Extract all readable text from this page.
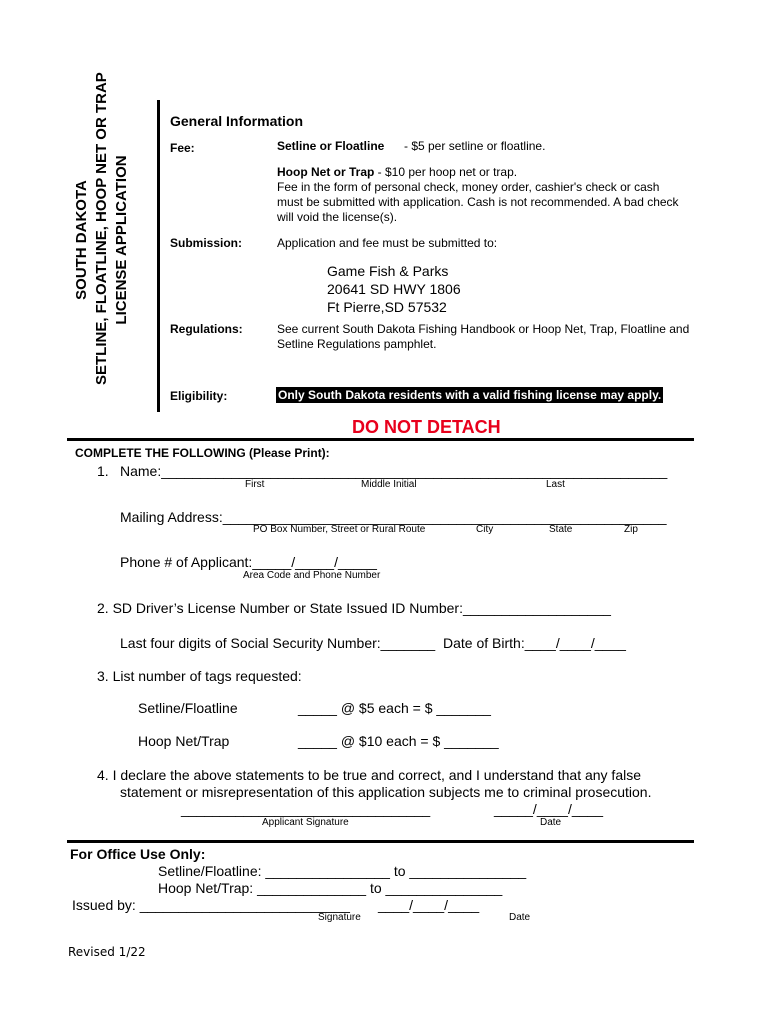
SOUTH DAKOTA SETLINE, FLOATLINE, HOOP NET OR TRAP LICENSE APPLICATION
General Information
Fee:	Setline or Floatline - $5 per setline or floatline.
Hoop Net or Trap - $10 per hoop net or trap.
Fee in the form of personal check, money order, cashier's check or cash must be submitted with application. Cash is not recommended. A bad check will void the license(s).
Submission:	Application and fee must be submitted to:
Game Fish & Parks
20641 SD HWY 1806
Ft Pierre,SD 57532
Regulations:	See current South Dakota Fishing Handbook or Hoop Net, Trap, Floatline and Setline Regulations pamphlet.
Eligibility:	Only South Dakota residents with a valid fishing license may apply.
DO NOT DETACH
COMPLETE THE FOLLOWING (Please Print):
1. Name:_________________________________________________________________
First	Middle Initial	Last
Mailing Address:_________________________________________________________
PO Box Number, Street or Rural Route	City	State	Zip
Phone # of Applicant:_____/_____/_____
Area Code and Phone Number
2. SD Driver’s License Number or State Issued ID Number:___________________
Last four digits of Social Security Number:_______ Date of Birth:____/____/____
3. List number of tags requested:
Setline/Floatline	_____ @ $5 each = $ _______
Hoop Net/Trap	_____ @ $10 each = $ _______
4. I declare the above statements to be true and correct, and I understand that any false
statement or misrepresentation of this application subjects me to criminal prosecution.
________________________________	_____/____/____
Applicant Signature	Date
For Office Use Only:
Setline/Floatline: ________________ to _______________
Hoop Net/Trap: ______________ to _______________
Issued by: ___________________________ ____/____/____
Signature	Date
Revised 1/22
